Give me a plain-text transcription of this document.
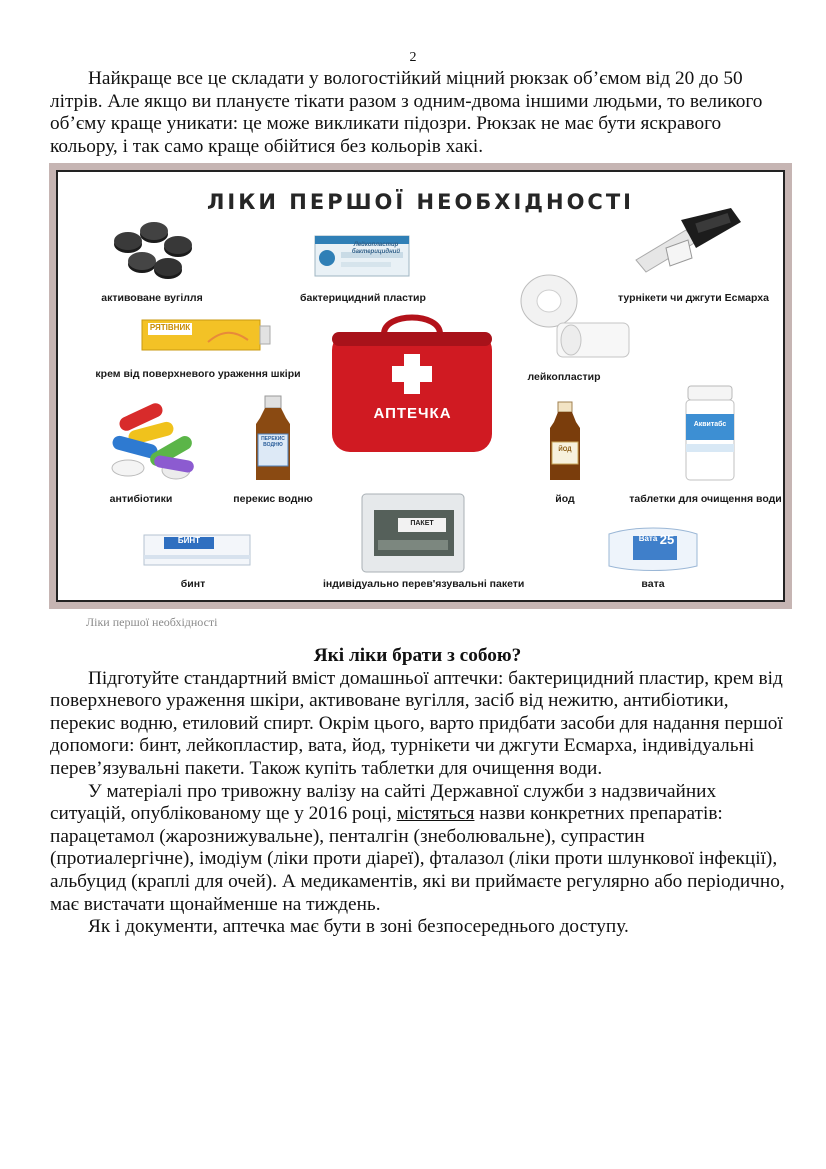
2

Найкраще все це складати у вологостійкий міцний рюкзак об’ємом від 20 до 50 літрів. Але якщо ви плануєте тікати разом з одним-двома іншими людьми, то великого об’єму краще уникати: це може викликати підозри. Рюкзак не має бути яскравого кольору, і так само краще обійтися без кольорів хакі.

ЛІКИ ПЕРШОЇ НЕОБХІДНОСТІ
активоване вугілля
Лейкопластир бактерицидний
бактерицидний пластир	турнікети чи джгути Есмарха
РЯТІВНИК
крем від поверхневого ураження шкіри
АПТЕЧКА
лейкопластир
антибіотики
ПЕРЕКИС ВОДНЮ
перекис водню
ЙОД
йод
Аквитабс
таблетки для очищення води
БИНТ
бинт
ПАКЕТ
індивідуально перев'язувальні пакети
Вата 25
вата
Ліки першої необхідності

Які ліки брати з собою?

Підготуйте стандартний вміст домашньої аптечки: бактерицидний пластир, крем від поверхневого ураження шкіри, активоване вугілля, засіб від нежитю, антибіотики, перекис водню, етиловий спирт. Окрім цього, варто придбати засоби для надання першої допомоги: бинт, лейкопластир, вата, йод, турнікети чи джгути Есмарха, індивідуальні перев’язувальні пакети. Також купіть таблетки для очищення води.

У матеріалі про тривожну валізу на сайті Державної служби з надзвичайних ситуацій, опублікованому ще у 2016 році, містяться назви конкретних препаратів: парацетамол (жарознижувальне), пенталгін (знеболювальне), супрастин (протиалергічне), імодіум (ліки проти діареї), фталазол (ліки проти шлункової інфекції), альбуцид (краплі для очей). А медикаментів, які ви приймаєте регулярно або періодично, має вистачати щонайменше на тиждень.

Як і документи, аптечка має бути в зоні безпосереднього доступу.
